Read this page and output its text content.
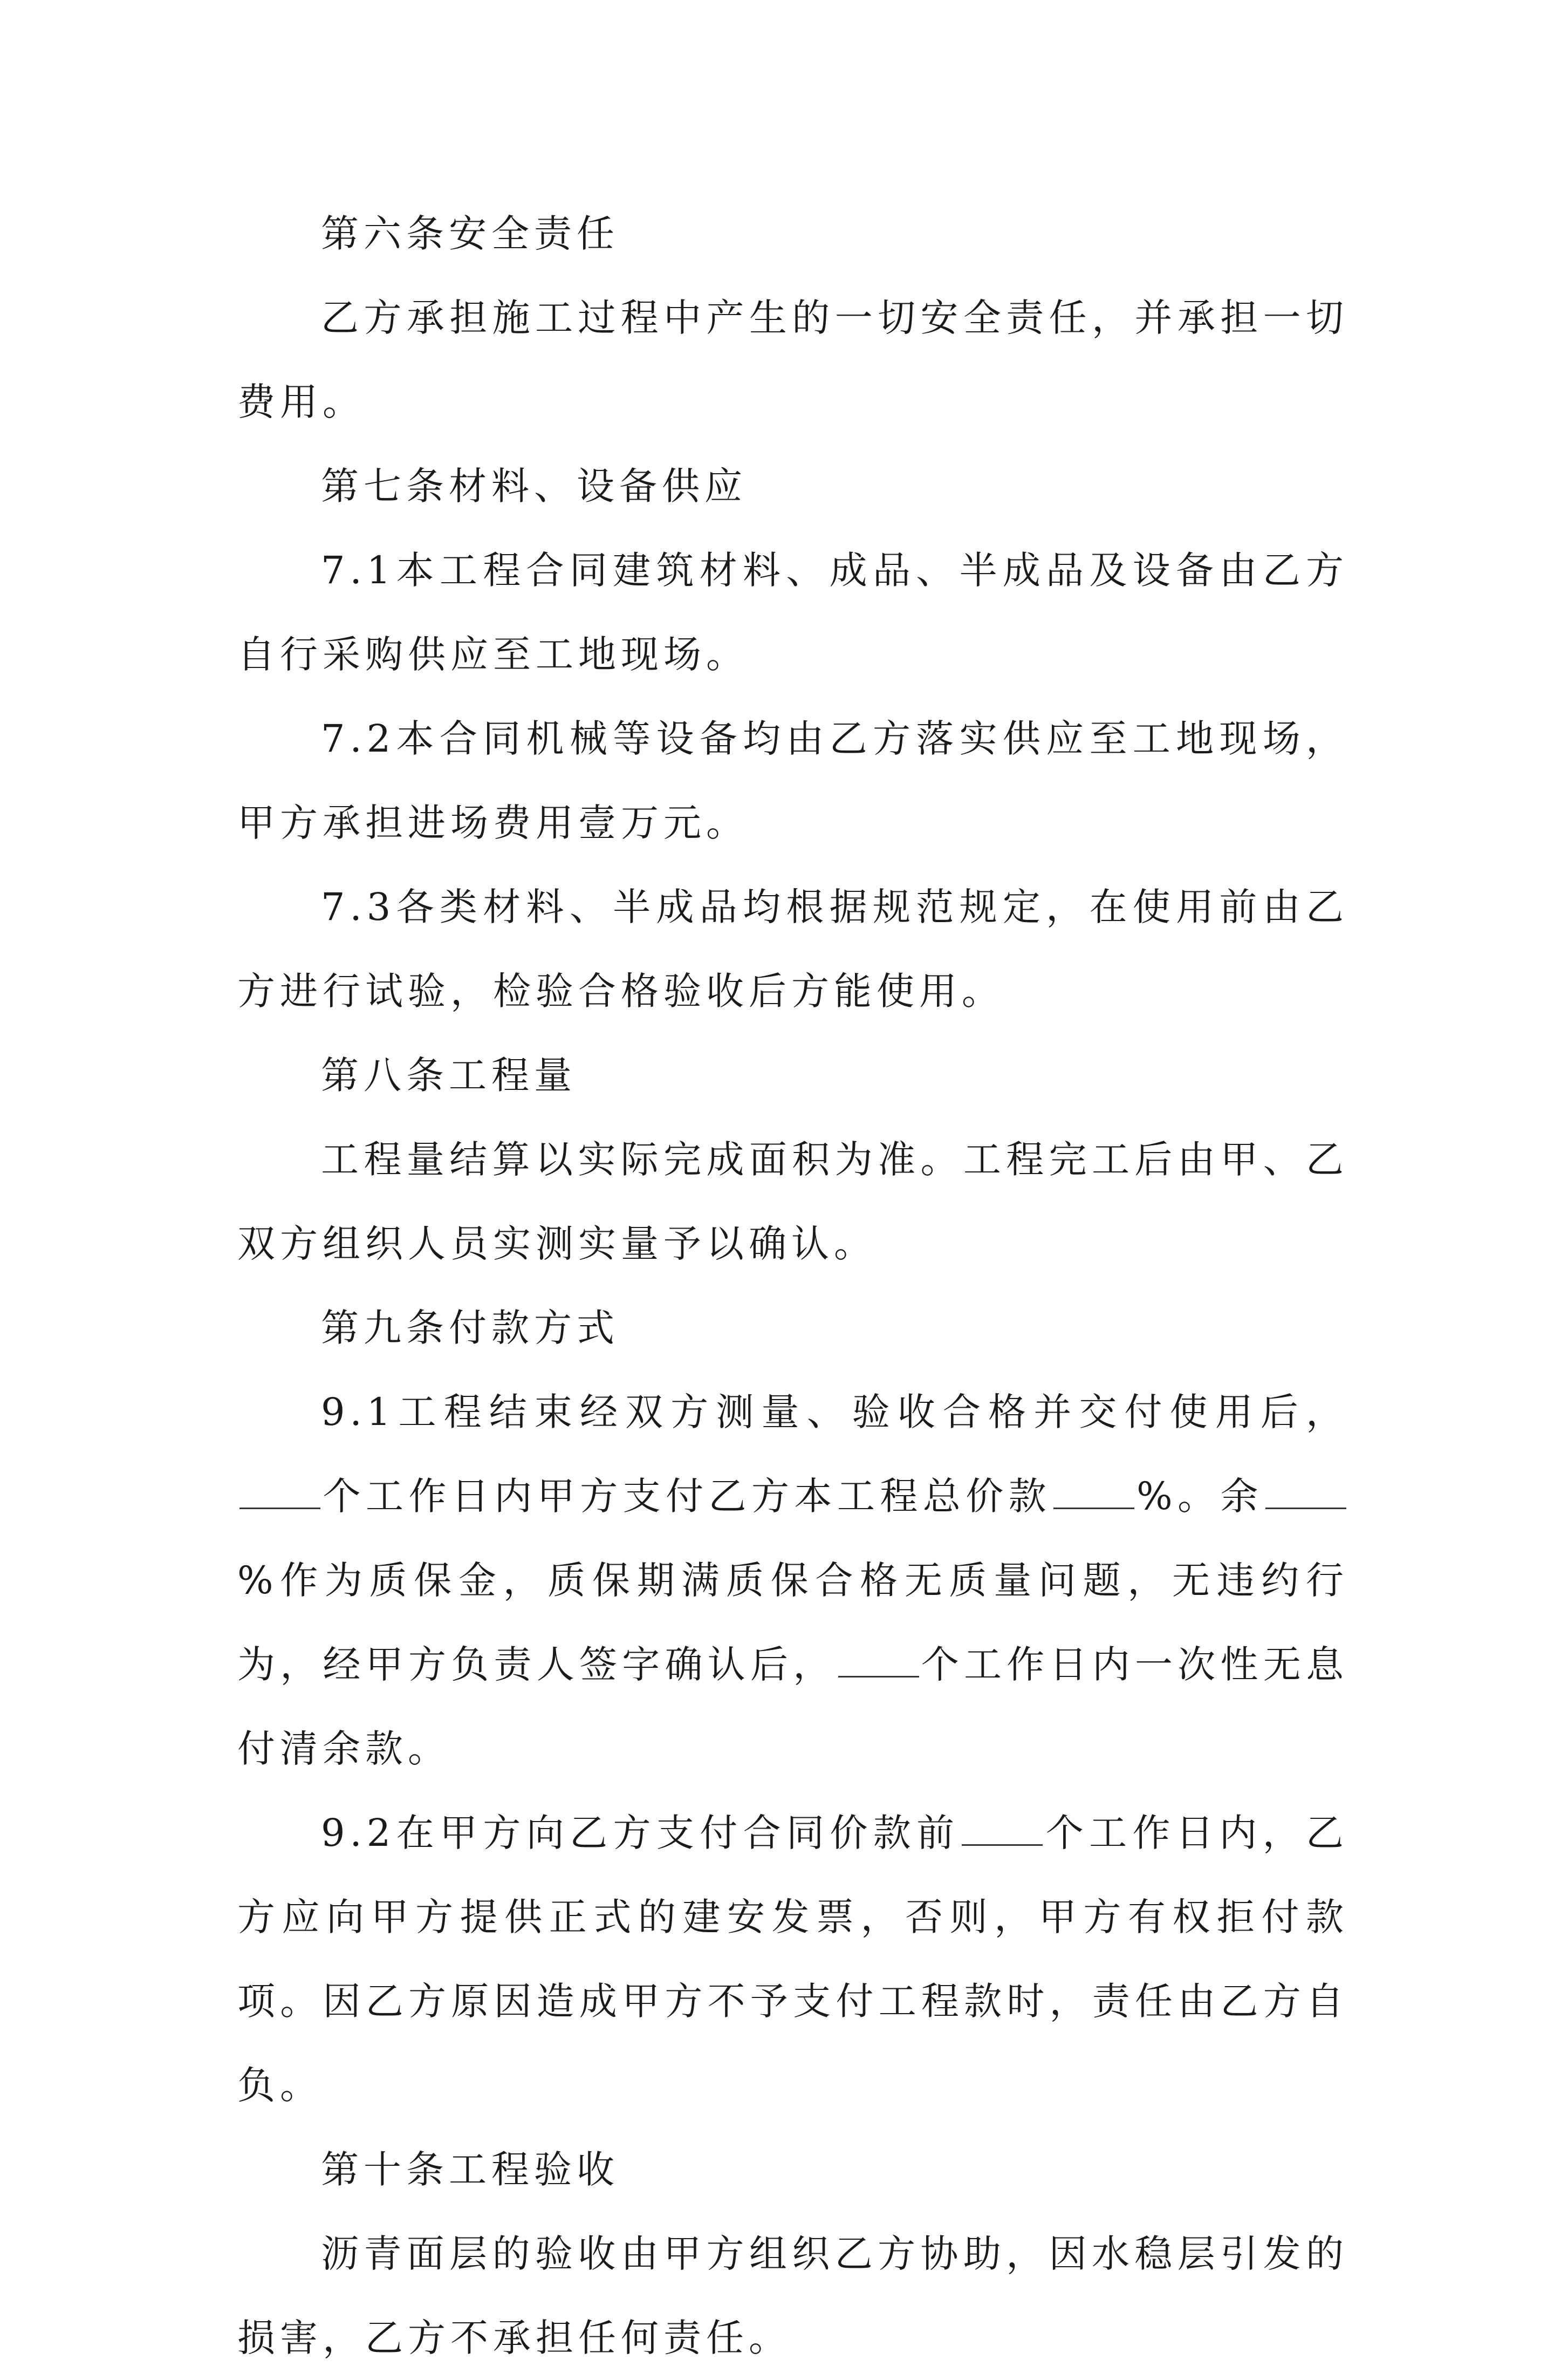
第六条安全责任

乙方承担施工过程中产生的一切安全责任，并承担一切费用。

第七条材料、设备供应

7.1本工程合同建筑材料、成品、半成品及设备由乙方自行采购供应至工地现场。

7.2本合同机械等设备均由乙方落实供应至工地现场，甲方承担进场费用壹万元。

7.3各类材料、半成品均根据规范规定，在使用前由乙方进行试验，检验合格验收后方能使用。

第八条工程量

工程量结算以实际完成面积为准。工程完工后由甲、乙双方组织人员实测实量予以确认。

第九条付款方式

9.1工程结束经双方测量、验收合格并交付使用后，个工作日内甲方支付乙方本工程总价款 %。余%作为质保金，质保期满质保合格无质量问题，无违约行为，经甲方负责人签字确认后， 个工作日内一次性无息付清余款。

9.2在甲方向乙方支付合同价款前 个工作日内，乙方应向甲方提供正式的建安发票，否则，甲方有权拒付款项。因乙方原因造成甲方不予支付工程款时，责任由乙方自负。

第十条工程验收

沥青面层的验收由甲方组织乙方协助，因水稳层引发的损害，乙方不承担任何责任。
